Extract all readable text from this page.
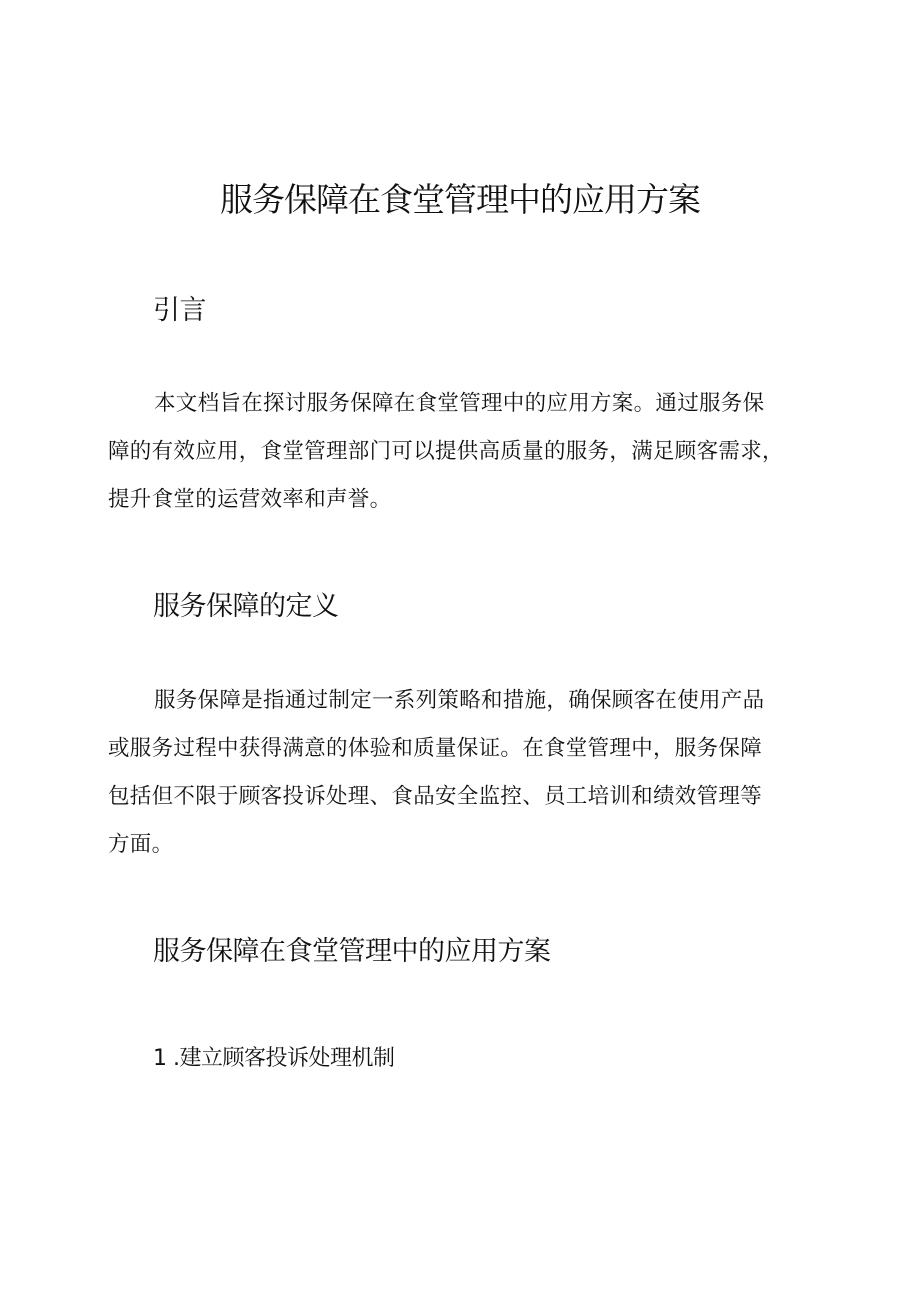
服务保障在食堂管理中的应用方案
引言

本文档旨在探讨服务保障在食堂管理中的应用方案。通过服务保
障的有效应用，食堂管理部门可以提供高质量的服务，满足顾客需求，
提升食堂的运营效率和声誉。

服务保障的定义

服务保障是指通过制定一系列策略和措施，确保顾客在使用产品
或服务过程中获得满意的体验和质量保证。在食堂管理中，服务保障
包括但不限于顾客投诉处理、食品安全监控、员工培训和绩效管理等
方面。

服务保障在食堂管理中的应用方案
1 .建立顾客投诉处理机制
